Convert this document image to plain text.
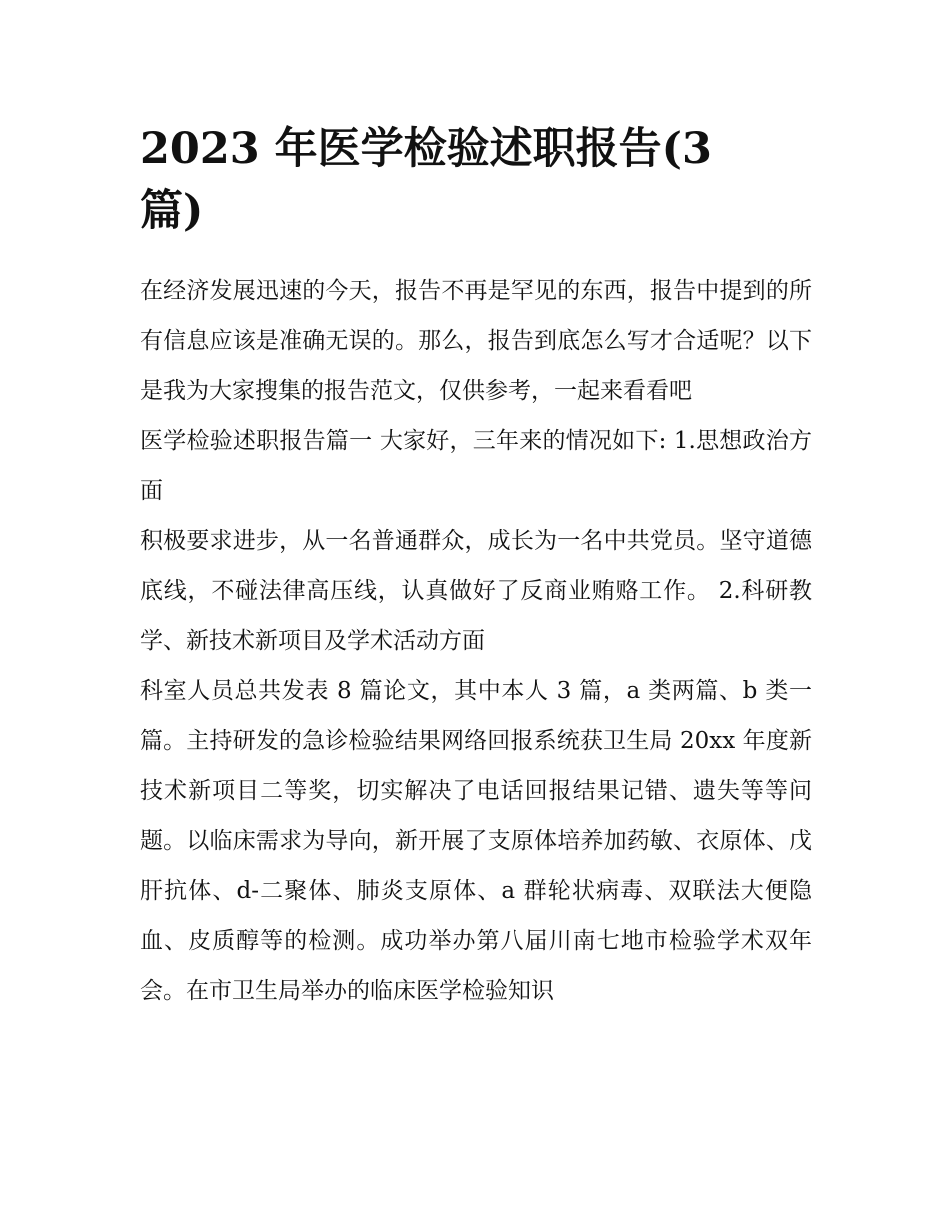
2023 年医学检验述职报告(3 篇)

在经济发展迅速的今天，报告不再是罕见的东西，报告中提到的所有信息应该是准确无误的。那么，报告到底怎么写才合适呢？以下是我为大家搜集的报告范文，仅供参考，一起来看看吧

医学检验述职报告篇一 大家好，三年来的情况如下: 1.思想政治方面

积极要求进步，从一名普通群众，成长为一名中共党员。坚守道德底线，不碰法律高压线，认真做好了反商业贿赂工作。 2.科研教学、新技术新项目及学术活动方面

科室人员总共发表 8 篇论文，其中本人 3 篇，a 类两篇、b 类一篇。主持研发的急诊检验结果网络回报系统获卫生局 20xx 年度新技术新项目二等奖，切实解决了电话回报结果记错、遗失等等问题。以临床需求为导向，新开展了支原体培养加药敏、衣原体、戊肝抗体、d-二聚体、肺炎支原体、a 群轮状病毒、双联法大便隐血、皮质醇等的检测。成功举办第八届川南七地市检验学术双年会。在市卫生局举办的临床医学检验知识
